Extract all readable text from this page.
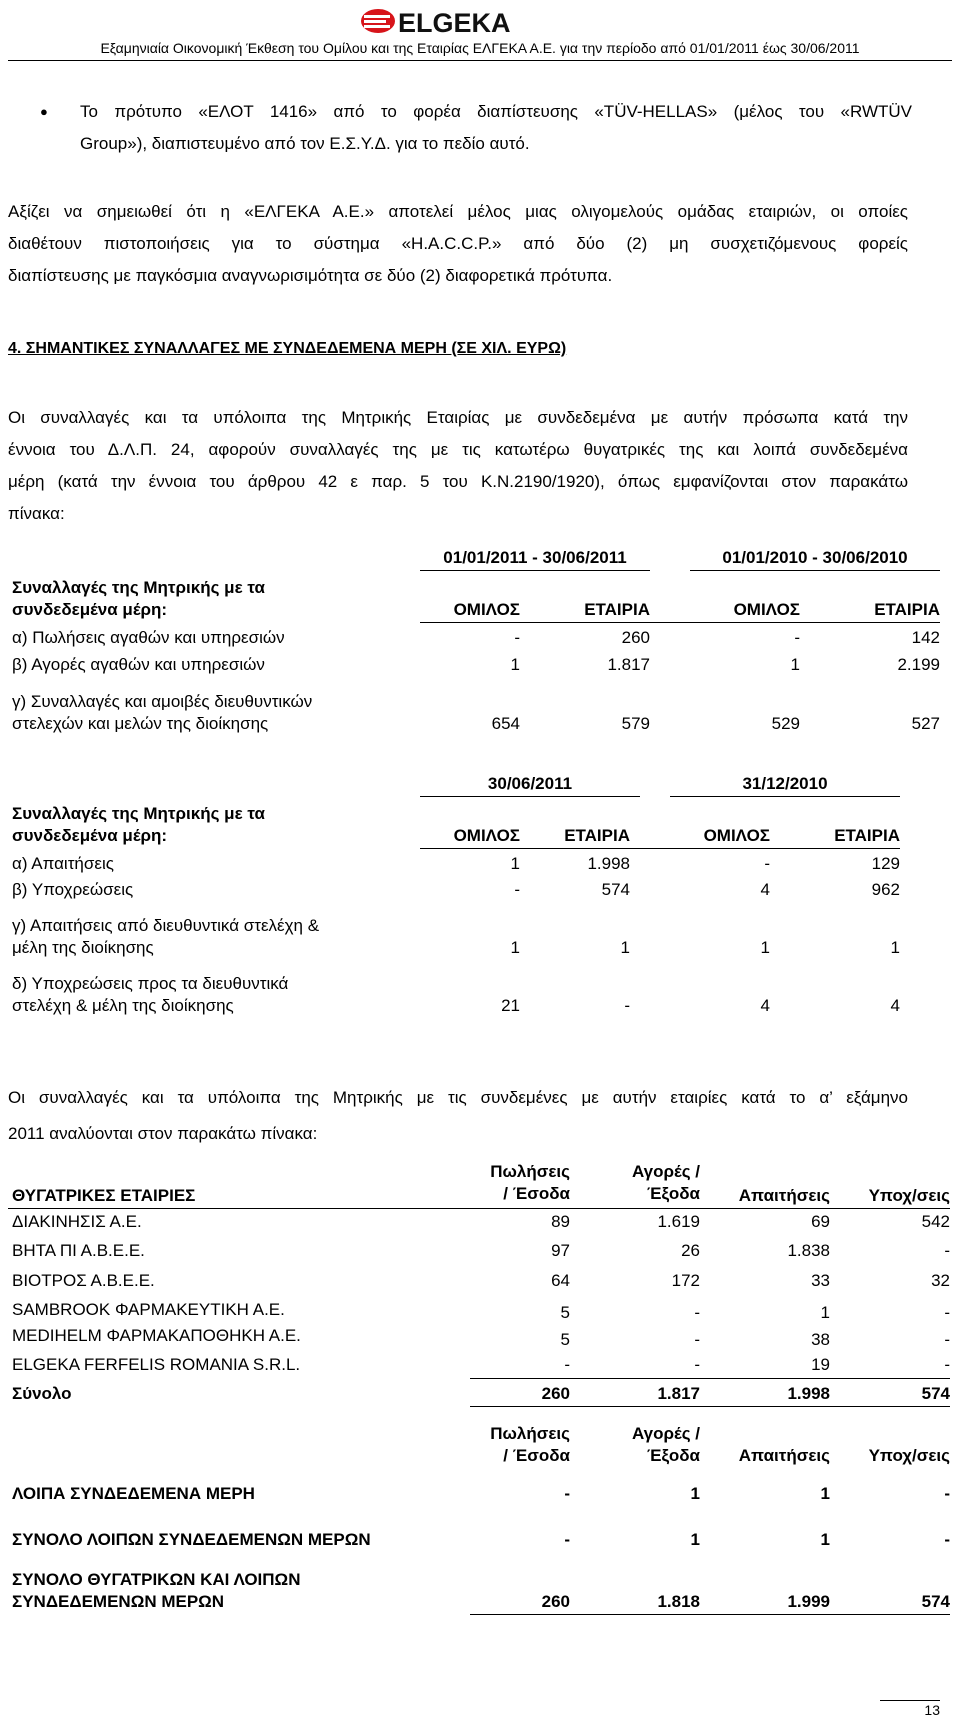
ELGEKA
Εξαμηνιαία Οικονομική Έκθεση του Ομίλου και της Εταιρίας ΕΛΓΕΚΑ Α.Ε. για την περίοδο από 01/01/2011 έως 30/06/2011
● Το πρότυπο «ΕΛΟΤ 1416» από το φορέα διαπίστευσης «TÜV-HELLAS» (μέλος του «RWTÜV
Group»), διαπιστευμένο από τον Ε.Σ.Υ.Δ. για το πεδίο αυτό.
Αξίζει να σημειωθεί ότι η «ΕΛΓΕΚΑ Α.Ε.» αποτελεί μέλος μιας ολιγομελούς ομάδας εταιριών, οι οποίες
διαθέτουν πιστοποιήσεις για το σύστημα «H.A.C.C.P.» από δύο (2) μη συσχετιζόμενους φορείς
διαπίστευσης με παγκόσμια αναγνωρισιμότητα σε δύο (2) διαφορετικά πρότυπα.
4. ΣΗΜΑΝΤΙΚΕΣ ΣΥΝΑΛΛΑΓΕΣ ΜΕ ΣΥΝΔΕΔΕΜΕΝΑ ΜΕΡΗ (ΣΕ ΧΙΛ. ΕΥΡΩ)
Οι συναλλαγές και τα υπόλοιπα της Μητρικής Εταιρίας με συνδεδεμένα με αυτήν πρόσωπα κατά την
έννοια του Δ.Λ.Π. 24, αφορούν συναλλαγές της με τις κατωτέρω θυγατρικές της και λοιπά συνδεδεμένα
μέρη (κατά την έννοια του άρθρου 42 ε παρ. 5 του Κ.Ν.2190/1920), όπως εμφανίζονται στον παρακάτω
πίνακα:
01/01/2011 - 30/06/2011	01/01/2010 - 30/06/2010
Συναλλαγές της Μητρικής με τα
συνδεδεμένα μέρη:	ΟΜΙΛΟΣ	ΕΤΑΙΡΙΑ	ΟΜΙΛΟΣ	ΕΤΑΙΡΙΑ
α) Πωλήσεις αγαθών και υπηρεσιών	-	260	-	142
β) Αγορές αγαθών και υπηρεσιών	1	1.817	1	2.199
γ) Συναλλαγές και αμοιβές διευθυντικών
στελεχών και μελών της διοίκησης	654	579	529	527
30/06/2011	31/12/2010
Συναλλαγές της Μητρικής με τα
συνδεδεμένα μέρη:	ΟΜΙΛΟΣ	ΕΤΑΙΡΙΑ	ΟΜΙΛΟΣ	ΕΤΑΙΡΙΑ
α) Απαιτήσεις	1	1.998	-	129
β) Υποχρεώσεις	-	574	4	962
γ) Απαιτήσεις από διευθυντικά στελέχη &
μέλη της διοίκησης	1	1	1	1
δ) Υποχρεώσεις προς τα διευθυντικά
στελέχη & μέλη της διοίκησης	21	-	4	4
Οι συναλλαγές και τα υπόλοιπα της Μητρικής με τις συνδεμένες με αυτήν εταιρίες κατά το α’ εξάμηνο
2011 αναλύονται στον παρακάτω πίνακα:
Πωλήσεις
/ Έσοδα
Αγορές /
Έξοδα	Απαιτήσεις	Υποχ/σεις
ΘΥΓΑΤΡΙΚΕΣ ΕΤΑΙΡΙΕΣ
ΔΙΑΚΙΝΗΣΙΣ Α.Ε.	89	1.619	69	542
ΒΗΤΑ ΠΙ Α.Β.Ε.Ε.	97	26	1.838	-
ΒΙΟΤΡΟΣ Α.Β.Ε.Ε.	64	172	33	32
SAMBROOK ΦΑΡΜΑΚΕΥΤΙΚΗ Α.Ε.	5	-	1	-
MEDIHELM ΦΑΡΜΑΚΑΠΟΘΗΚΗ Α.Ε.	5	-	38	-
ELGEKA FERFELIS ROMANIA S.R.L.	-	-	19	-
Σύνολο	260	1.817	1.998	574
Πωλήσεις
/ Έσοδα
Αγορές /
Έξοδα	Απαιτήσεις	Υποχ/σεις
ΛΟΙΠΑ ΣΥΝΔΕΔΕΜΕΝΑ ΜΕΡΗ	-	1	1	-
ΣΥΝΟΛΟ ΛΟΙΠΩΝ ΣΥΝΔΕΔΕΜΕΝΩΝ ΜΕΡΩΝ	-	1	1	-
ΣΥΝΟΛΟ ΘΥΓΑΤΡΙΚΩΝ ΚΑΙ ΛΟΙΠΩΝ
ΣΥΝΔΕΔΕΜΕΝΩΝ ΜΕΡΩΝ	260	1.818	1.999	574
13
